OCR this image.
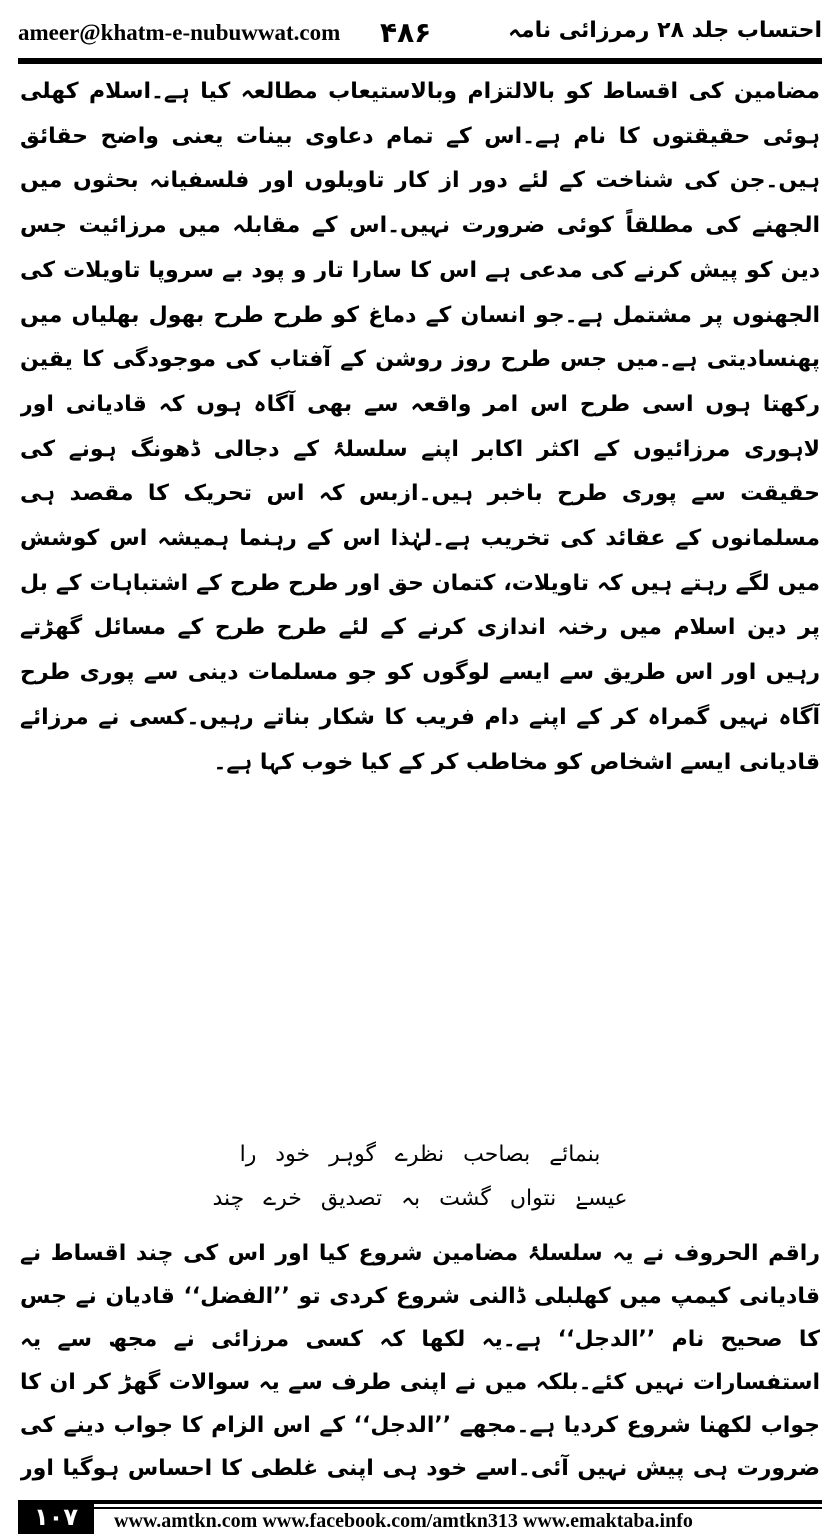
ameer@khatm-e-nubuwwat.com ۴۸۶	احتساب جلد ۲۸ رمرزائی نامہ
مضامین کی اقساط کو بالالتزام وبالاستیعاب مطالعہ کیا ہے۔اسلام کھلی ہوئی حقیقتوں کا نام ہے۔اس کے تمام دعاوی بینات یعنی واضح حقائق ہیں۔جن کی شناخت کے لئے دور از کار تاویلوں اور فلسفیانہ بحثوں میں الجھنے کی مطلقاً کوئی ضرورت نہیں۔اس کے مقابلہ میں مرزائیت جس دین کو پیش کرنے کی مدعی ہے اس کا سارا تار و پود بے سروپا تاویلات کی الجھنوں پر مشتمل ہے۔جو انسان کے دماغ کو طرح طرح بھول بھلیاں میں پھنسادیتی ہے۔میں جس طرح روز روشن کے آفتاب کی موجودگی کا یقین رکھتا ہوں اسی طرح اس امر واقعہ سے بھی آگاہ ہوں کہ قادیانی اور لاہوری مرزائیوں کے اکثر اکابر اپنے سلسلۂ کے دجالی ڈھونگ ہونے کی حقیقت سے پوری طرح باخبر ہیں۔ازبس کہ اس تحریک کا مقصد ہی مسلمانوں کے عقائد کی تخریب ہے۔لہٰذا اس کے رہنما ہمیشہ اس کوشش میں لگے رہتے ہیں کہ تاویلات، کتمان حق اور طرح طرح کے اشتباہات کے بل پر دین اسلام میں رخنہ اندازی کرنے کے لئے طرح طرح کے مسائل گھڑتے رہیں اور اس طریق سے ایسے لوگوں کو جو مسلمات دینی سے پوری طرح آگاہ نہیں گمراہ کر کے اپنے دام فریب کا شکار بناتے رہیں۔کسی نے مرزائے قادیانی ایسے اشخاص کو مخاطب کر کے کیا خوب کہا ہے۔
بنمائے بصاحب نظرے گوہر خود را
عیسےٰ نتواں گشت بہ تصدیق خرے چند
راقم الحروف نے یہ سلسلۂ مضامین شروع کیا اور اس کی چند اقساط نے قادیانی کیمپ میں کھلبلی ڈالنی شروع کردی تو ’’الفضل‘‘ قادیان نے جس کا صحیح نام ’’الدجل‘‘ ہے۔یہ لکھا کہ کسی مرزائی نے مجھ سے یہ استفسارات نہیں کئے۔بلکہ میں نے اپنی طرف سے یہ سوالات گھڑ کر ان کا جواب لکھنا شروع کردیا ہے۔مجھے ’’الدجل‘‘ کے اس الزام کا جواب دینے کی ضرورت ہی پیش نہیں آئی۔اسے خود ہی اپنی غلطی کا احساس ہوگیا اور
۱۰۷	www.amtkn.com www.facebook.com/amtkn313 www.emaktaba.info
